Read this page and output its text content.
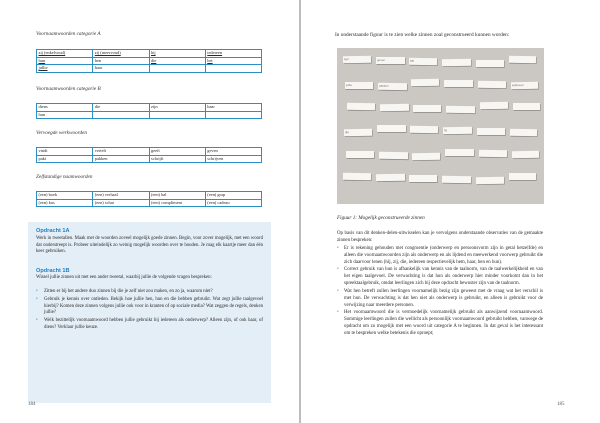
Voornaamwoorden categorie A
zij (enkelvoud)	zij (meervoud)	hij	iedereen
hun	hen	die	het
jullie	haar		
Voornaamwoorden categorie B
diens	die	zijn	haar
hun			
Vervoegde werkwoorden
vindt	vertelt	geeft	geven
pakt	pakken	schrijft	schrijven
Zelfstandige naamwoorden
(een) boek	(een) verhaal	(een) bal	(een) grap
(een) kus	(een) schat	(een) compliment	(een) cadeau
Opdracht 1A
Werk in tweetallen. Maak met de woorden zoveel mogelijk goede zinnen. Begin, voor zover mogelijk, met een woord dat onderstreept is. Probeer uiteindelijk zo weinig mogelijk woorden over te houden. Je mag elk kaartje meer dan één keer gebruiken.
Opdracht 1B
Wissel jullie zinnen uit met een ander tweetal, waarbij jullie de volgende vragen bespreken:
• Zitten er bij het andere duo zinnen bij die je zelf niet zou maken, en zo ja, waarom niet?
• Gebruik je kennis over ontleden. Bekijk hoe jullie hen, hun en die hebben gebruikt. Wat zegt jullie taalgevoel hierbij? Komen deze zinnen volgens jullie ook voor in kranten of op sociale media? Wat zeggen de regels, denken jullie?
• Welk bezittelijk voornaamwoord hebben jullie gebruikt bij iedereen als onderwerp? Alleen zijn, of ook haar, of diens? Verklaar jullie keuze.
184
In onderstaande figuur is te zien welke zinnen zoal geconstrueerd kunnen worden:
185
hen	geven	bal
jullie	pakken	iedereen
die	hij
Figuur 1: Mogelijk geconstrueerde zinnen
Op basis van dit denken-delen-uitwisselen kan je vervolgens onderstaande observaties van de gemaakte zinnen bespreken:
• Er is rekening gehouden met congruentie (onderwerp en persoonsvorm zijn in getal hetzelfde) en alleen die voornaamwoorden zijn als onderwerp en als lijdend en meewerkend voorwerp gebruikt die zich daarvoor lenen (hij, zij, die, iedereen respectievelijk hem, haar, hen en hun).
• Correct gebruik van hun is afhankelijk van kennis van de taalnorm, van de taalwerkelijkheid en van het eigen taalgevoel. De verwachting is dat hun als onderwerp hier minder voorkomt dan in het spreektaalgebruik, omdat leerlingen zich bij deze opdracht bewuster zijn van de taalnorm.
• Wat hen betreft zullen leerlingen voornamelijk bezig zijn geweest met de vraag wat het verschil is met hun. De verwachting is dat hen niet als onderwerp is gebruikt, en alleen is gebruikt voor de verwijzing naar meerdere personen.
• Het voornaamwoord die is vermoedelijk voornamelijk gebruikt als aanwijzend voornaamwoord. Sommige leerlingen zullen die wellicht als persoonlijk voornaamwoord gebruikt hebben, vanwege de opdracht om zo mogelijk met een woord uit categorie A te beginnen. In dat geval is het interessant om te bespreken welke betekenis die oproept;
